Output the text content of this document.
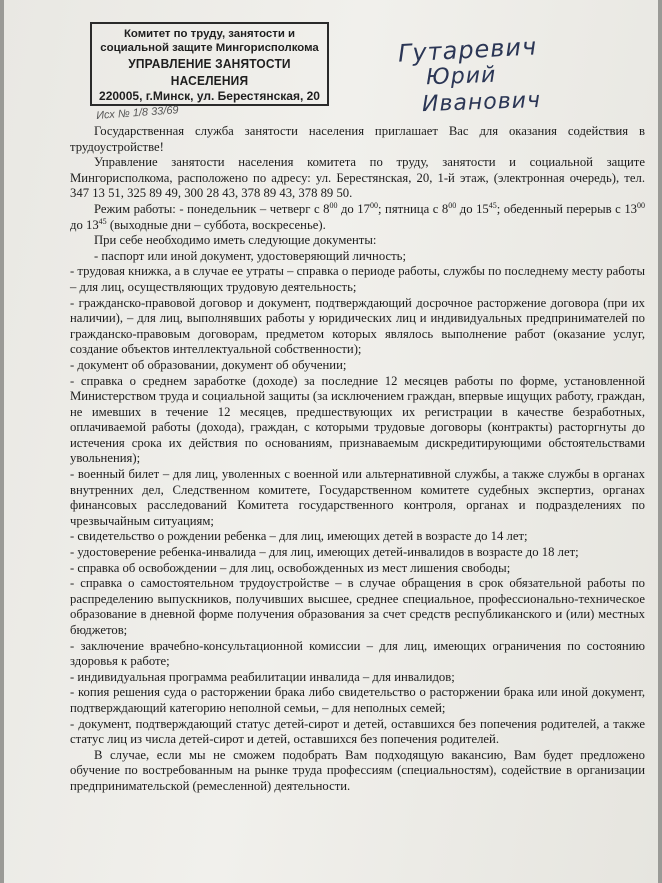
Комитет по труду, занятости и
социальной защите Мингорисполкома
УПРАВЛЕНИЕ ЗАНЯТОСТИ НАСЕЛЕНИЯ
220005, г.Минск, ул. Берестянская, 20
Исх № 1/8 33/69
Гутаревич
Юрий
Иванович

Государственная служба занятости населения приглашает Вас для оказания содействия в трудоустройстве!

Управление занятости населения комитета по труду, занятости и социальной защите Мингорисполкома, расположено по адресу: ул. Берестянская, 20, 1-й этаж, (электронная очередь), тел. 347 13 51, 325 89 49, 300 28 43, 378 89 43, 378 89 50.

Режим работы: - понедельник – четверг с $8^{00}$ до $17^{00}$; пятница с $8^{00}$ до $15^{45}$; обеденный перерыв с $13^{00}$ до $13^{45}$ (выходные дни – суббота, воскресенье).

При себе необходимо иметь следующие документы:

- паспорт или иной документ, удостоверяющий личность;

- трудовая книжка, а в случае ее утраты – справка о периоде работы, службы по последнему месту работы – для лиц, осуществляющих трудовую деятельность;

- гражданско-правовой договор и документ, подтверждающий досрочное расторжение договора (при их наличии), – для лиц, выполнявших работы у юридических лиц и индивидуальных предпринимателей по гражданско-правовым договорам, предметом которых являлось выполнение работ (оказание услуг, создание объектов интеллектуальной собственности);

- документ об образовании, документ об обучении;

- справка о среднем заработке (доходе) за последние 12 месяцев работы по форме, установленной Министерством труда и социальной защиты (за исключением граждан, впервые ищущих работу, граждан, не имевших в течение 12 месяцев, предшествующих их регистрации в качестве безработных, оплачиваемой работы (дохода), граждан, с которыми трудовые договоры (контракты) расторгнуты до истечения срока их действия по основаниям, признаваемым дискредитирующими обстоятельствами увольнения);

- военный билет – для лиц, уволенных с военной или альтернативной службы, а также службы в органах внутренних дел, Следственном комитете, Государственном комитете судебных экспертиз, органах финансовых расследований Комитета государственного контроля, органах и подразделениях по чрезвычайным ситуациям;

- свидетельство о рождении ребенка – для лиц, имеющих детей в возрасте до 14 лет;

- удостоверение ребенка-инвалида – для лиц, имеющих детей-инвалидов в возрасте до 18 лет;

- справка об освобождении – для лиц, освобожденных из мест лишения свободы;

- справка о самостоятельном трудоустройстве – в случае обращения в срок обязательной работы по распределению выпускников, получивших высшее, среднее специальное, профессионально-техническое образование в дневной форме получения образования за счет средств республиканского и (или) местных бюджетов;

- заключение врачебно-консультационной комиссии – для лиц, имеющих ограничения по состоянию здоровья к работе;

- индивидуальная программа реабилитации инвалида – для инвалидов;

- копия решения суда о расторжении брака либо свидетельство о расторжении брака или иной документ, подтверждающий категорию неполной семьи, – для неполных семей;

- документ, подтверждающий статус детей-сирот и детей, оставшихся без попечения родителей, а также статус лиц из числа детей-сирот и детей, оставшихся без попечения родителей.

В случае, если мы не сможем подобрать Вам подходящую вакансию, Вам будет предложено обучение по востребованным на рынке труда профессиям (специальностям), содействие в организации предпринимательской (ремесленной) деятельности.
